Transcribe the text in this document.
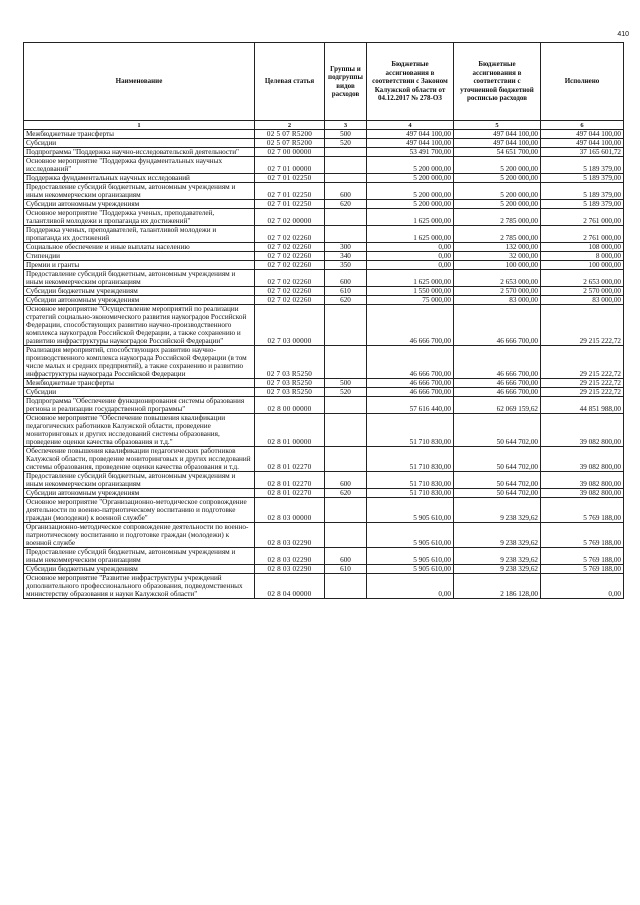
410
Наименование	Целевая статья	Группы и подгруппы видов расходов	Бюджетные ассигнования в соответствии с Законом Калужской области от 04.12.2017 № 278-ОЗ	Бюджетные ассигнования в соответствии с уточненной бюджетной росписью расходов	Исполнено
1	2	3	4	5	6
Межбюджетные трансферты	02 5 07 R5200	500	497 044 100,00	497 044 100,00	497 044 100,00
Субсидии	02 5 07 R5200	520	497 044 100,00	497 044 100,00	497 044 100,00
Подпрограмма "Поддержка научно-исследовательской деятельности"	02 7 00 00000		53 491 700,00	54 651 700,00	37 165 601,72
Основное мероприятие "Поддержка фундаментальных научных исследований"	02 7 01 00000		5 200 000,00	5 200 000,00	5 189 379,00
Поддержка фундаментальных научных исследований	02 7 01 02250		5 200 000,00	5 200 000,00	5 189 379,00
Предоставление субсидий бюджетным, автономным учреждениям и иным некоммерческим организациям	02 7 01 02250	600	5 200 000,00	5 200 000,00	5 189 379,00
Субсидии автономным учреждениям	02 7 01 02250	620	5 200 000,00	5 200 000,00	5 189 379,00
Основное мероприятие "Поддержка ученых, преподавателей, талантливой молодежи и пропаганда их достижений"	02 7 02 00000		1 625 000,00	2 785 000,00	2 761 000,00
Поддержка ученых, преподавателей, талантливой молодежи и пропаганда их достижений	02 7 02 02260		1 625 000,00	2 785 000,00	2 761 000,00
Социальное обеспечение и иные выплаты населению	02 7 02 02260	300	0,00	132 000,00	108 000,00
Стипендии	02 7 02 02260	340	0,00	32 000,00	8 000,00
Премии и гранты	02 7 02 02260	350	0,00	100 000,00	100 000,00
Предоставление субсидий бюджетным, автономным учреждениям и иным некоммерческим организациям	02 7 02 02260	600	1 625 000,00	2 653 000,00	2 653 000,00
Субсидии бюджетным учреждениям	02 7 02 02260	610	1 550 000,00	2 570 000,00	2 570 000,00
Субсидии автономным учреждениям	02 7 02 02260	620	75 000,00	83 000,00	83 000,00
Основное мероприятие "Осуществление мероприятий по реализации стратегий социально-экономического развития наукоградов Российской Федерации, способствующих развитию научно-производственного комплекса наукоградов Российской Федерации, а также сохранению и развитию инфраструктуры наукоградов Российской Федерации"	02 7 03 00000		46 666 700,00	46 666 700,00	29 215 222,72
Реализация мероприятий, способствующих развитию научно-производственного комплекса наукограда Российской Федерации (в том числе малых и средних предприятий), а также сохранению и развитию инфраструктуры наукограда Российской Федерации	02 7 03 R5250		46 666 700,00	46 666 700,00	29 215 222,72
Межбюджетные трансферты	02 7 03 R5250	500	46 666 700,00	46 666 700,00	29 215 222,72
Субсидии	02 7 03 R5250	520	46 666 700,00	46 666 700,00	29 215 222,72
Подпрограмма "Обеспечение функционирования системы образования региона и реализации государственной программы"	02 8 00 00000		57 616 440,00	62 069 159,62	44 851 988,00
Основное мероприятие "Обеспечение повышения квалификации педагогических работников Калужской области, проведение мониторинговых и других исследований системы образования, проведение оценки качества образования и т.д."	02 8 01 00000		51 710 830,00	50 644 702,00	39 082 800,00
Обеспечение повышения квалификации педагогических работников Калужской области, проведение мониторинговых и других исследований системы образования, проведение оценки качества образования и т.д.	02 8 01 02270		51 710 830,00	50 644 702,00	39 082 800,00
Предоставление субсидий бюджетным, автономным учреждениям и иным некоммерческим организациям	02 8 01 02270	600	51 710 830,00	50 644 702,00	39 082 800,00
Субсидии автономным учреждениям	02 8 01 02270	620	51 710 830,00	50 644 702,00	39 082 800,00
Основное мероприятие "Организационно-методическое сопровождение деятельности по военно-патриотическому воспитанию и подготовке граждан (молодежи) к военной службе"	02 8 03 00000		5 905 610,00	9 238 329,62	5 769 188,00
Организационно-методическое сопровождение деятельности по военно-патриотическому воспитанию и подготовке граждан (молодежи) к военной службе	02 8 03 02290		5 905 610,00	9 238 329,62	5 769 188,00
Предоставление субсидий бюджетным, автономным учреждениям и иным некоммерческим организациям	02 8 03 02290	600	5 905 610,00	9 238 329,62	5 769 188,00
Субсидии бюджетным учреждениям	02 8 03 02290	610	5 905 610,00	9 238 329,62	5 769 188,00
Основное мероприятие "Развитие инфраструктуры учреждений дополнительного профессионального образования, подведомственных министерству образования и науки Калужской области"	02 8 04 00000		0,00	2 186 128,00	0,00
